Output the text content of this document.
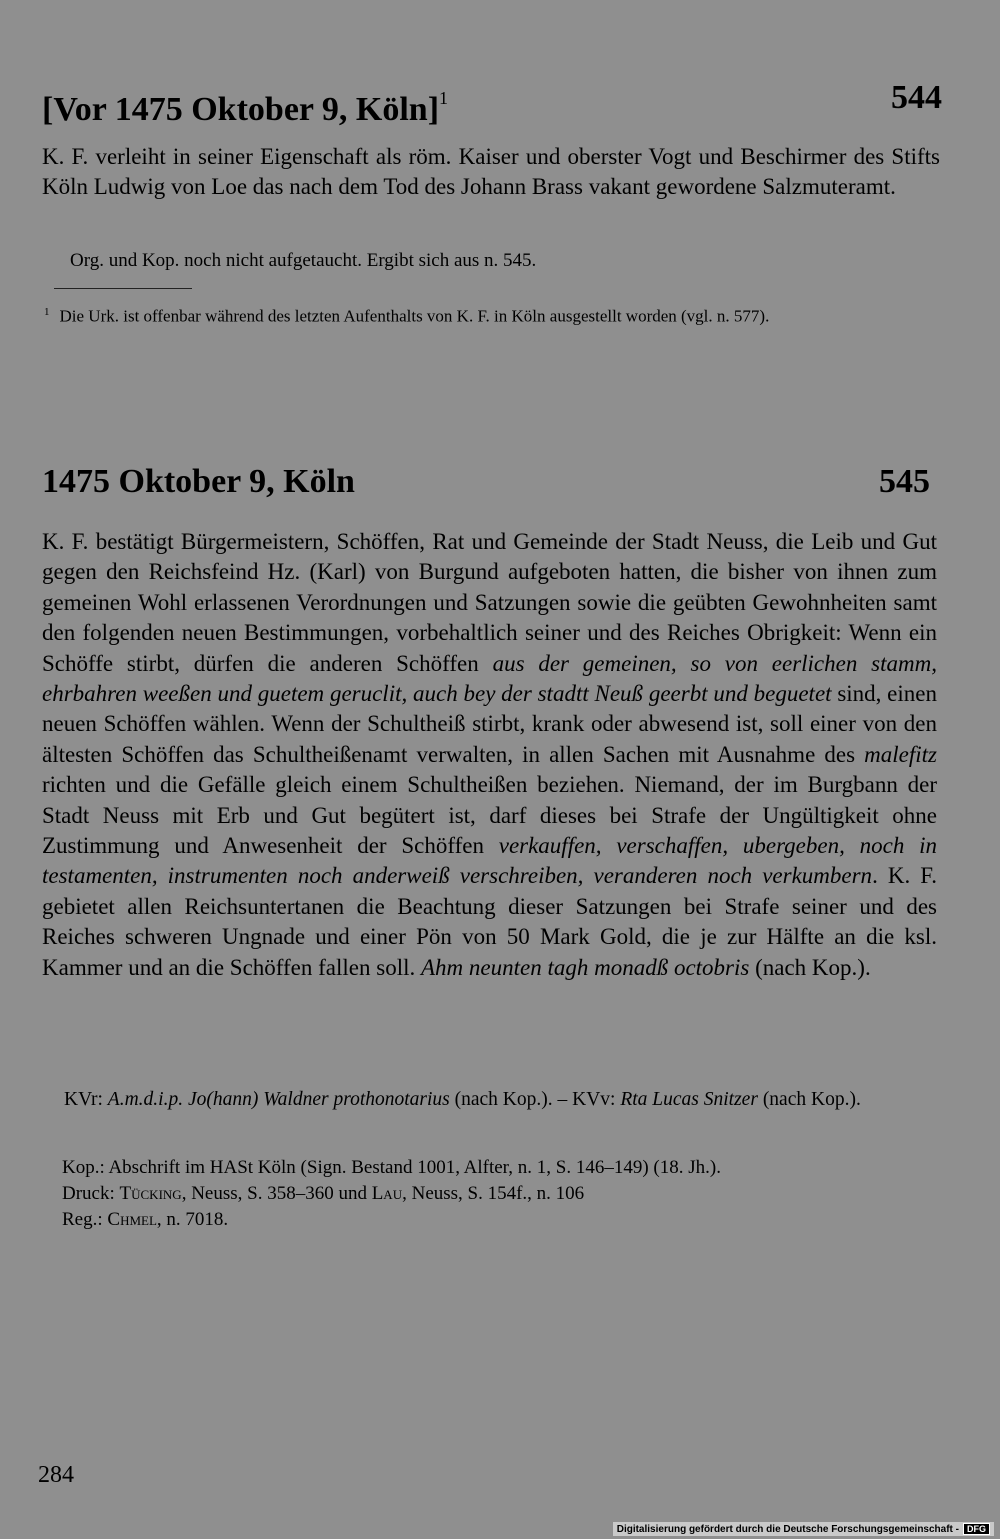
[Vor 1475 Oktober 9, Köln]$^1$	544
K. F. verleiht in seiner Eigenschaft als röm. Kaiser und oberster Vogt und Beschirmer des Stifts Köln Ludwig von Loe das nach dem Tod des Johann Brass vakant gewordene Salzmuteramt.
Org. und Kop. noch nicht aufgetaucht. Ergibt sich aus n. 545.
$^1$ Die Urk. ist offenbar während des letzten Aufenthalts von K. F. in Köln ausgestellt worden (vgl. n. 577).
1475 Oktober 9, Köln	545
K. F. bestätigt Bürgermeistern, Schöffen, Rat und Gemeinde der Stadt Neuss, die Leib und Gut gegen den Reichsfeind Hz. (Karl) von Burgund aufgeboten hatten, die bisher von ihnen zum gemeinen Wohl erlassenen Verordnungen und Satzungen sowie die geübten Gewohnheiten samt den folgenden neuen Bestimmungen, vorbehaltlich seiner und des Reiches Obrigkeit: Wenn ein Schöffe stirbt, dürfen die anderen Schöffen aus der gemeinen, so von eerlichen stamm, ehrbahren weeßen und guetem geruclit, auch bey der stadtt Neuß geerbt und beguetet sind, einen neuen Schöffen wählen. Wenn der Schultheiß stirbt, krank oder abwesend ist, soll einer von den ältesten Schöffen das Schultheißenamt verwalten, in allen Sachen mit Ausnahme des malefitz richten und die Gefälle gleich einem Schultheißen beziehen. Niemand, der im Burgbann der Stadt Neuss mit Erb und Gut begütert ist, darf dieses bei Strafe der Ungültigkeit ohne Zustimmung und Anwesenheit der Schöffen verkauffen, verschaffen, ubergeben, noch in testamenten, instrumenten noch anderweiß verschreiben, veranderen noch verkumbern. K. F. gebietet allen Reichsuntertanen die Beachtung dieser Satzungen bei Strafe seiner und des Reiches schweren Ungnade und einer Pön von 50 Mark Gold, die je zur Hälfte an die ksl. Kammer und an die Schöffen fallen soll. Ahm neunten tagh monadß octobris (nach Kop.).
KVr: A.m.d.i.p. Jo(hann) Waldner prothonotarius (nach Kop.). – KVv: Rta Lucas Snitzer (nach Kop.).
Kop.: Abschrift im HASt Köln (Sign. Bestand 1001, Alfter, n. 1, S. 146–149) (18. Jh.).
Druck: Tücking, Neuss, S. 358–360 und Lau, Neuss, S. 154f., n. 106
Reg.: Chmel, n. 7018.
284
Digitalisierung gefördert durch die Deutsche Forschungsgemeinschaft - DFG
